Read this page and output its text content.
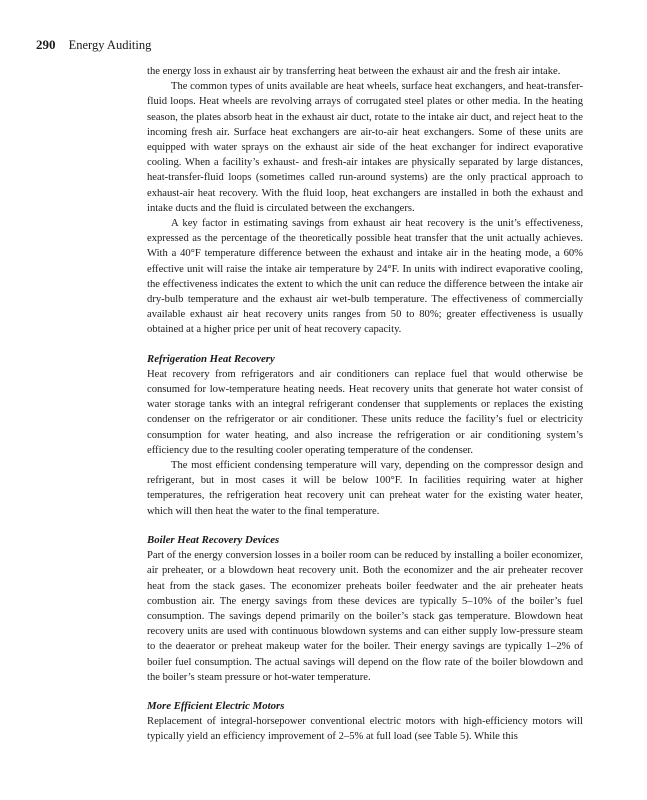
290 Energy Auditing

the energy loss in exhaust air by transferring heat between the exhaust air and the fresh air intake.

The common types of units available are heat wheels, surface heat exchangers, and heat-transfer-fluid loops. Heat wheels are revolving arrays of corrugated steel plates or other media. In the heating season, the plates absorb heat in the exhaust air duct, rotate to the intake air duct, and reject heat to the incoming fresh air. Surface heat exchangers are air-to-air heat exchangers. Some of these units are equipped with water sprays on the exhaust air side of the heat exchanger for indirect evaporative cooling. When a facility’s exhaust- and fresh-air intakes are physically separated by large distances, heat-transfer-fluid loops (sometimes called run-around systems) are the only practical approach to exhaust-air heat recovery. With the fluid loop, heat exchangers are installed in both the exhaust and intake ducts and the fluid is circulated between the exchangers.

A key factor in estimating savings from exhaust air heat recovery is the unit’s effectiveness, expressed as the percentage of the theoretically possible heat transfer that the unit actually achieves. With a 40°F temperature difference between the exhaust and intake air in the heating mode, a 60% effective unit will raise the intake air temperature by 24°F. In units with indirect evaporative cooling, the effectiveness indicates the extent to which the unit can reduce the difference between the intake air dry-bulb temperature and the exhaust air wet-bulb temperature. The effectiveness of commercially available exhaust air heat recovery units ranges from 50 to 80%; greater effectiveness is usually obtained at a higher price per unit of heat recovery capacity.

Refrigeration Heat Recovery

Heat recovery from refrigerators and air conditioners can replace fuel that would otherwise be consumed for low-temperature heating needs. Heat recovery units that generate hot water consist of water storage tanks with an integral refrigerant condenser that supplements or replaces the existing condenser on the refrigerator or air conditioner. These units reduce the facility’s fuel or electricity consumption for water heating, and also increase the refrigeration or air conditioning system’s efficiency due to the resulting cooler operating temperature of the condenser.

The most efficient condensing temperature will vary, depending on the compressor design and refrigerant, but in most cases it will be below 100°F. In facilities requiring water at higher temperatures, the refrigeration heat recovery unit can preheat water for the existing water heater, which will then heat the water to the final temperature.

Boiler Heat Recovery Devices

Part of the energy conversion losses in a boiler room can be reduced by installing a boiler economizer, air preheater, or a blowdown heat recovery unit. Both the economizer and the air preheater recover heat from the stack gases. The economizer preheats boiler feedwater and the air preheater heats combustion air. The energy savings from these devices are typically 5–10% of the boiler’s fuel consumption. The savings depend primarily on the boiler’s stack gas temperature. Blowdown heat recovery units are used with continuous blowdown systems and can either supply low-pressure steam to the deaerator or preheat makeup water for the boiler. Their energy savings are typically 1–2% of boiler fuel consumption. The actual savings will depend on the flow rate of the boiler blowdown and the boiler’s steam pressure or hot-water temperature.

More Efficient Electric Motors

Replacement of integral-horsepower conventional electric motors with high-efficiency motors will typically yield an efficiency improvement of 2–5% at full load (see Table 5). While this
